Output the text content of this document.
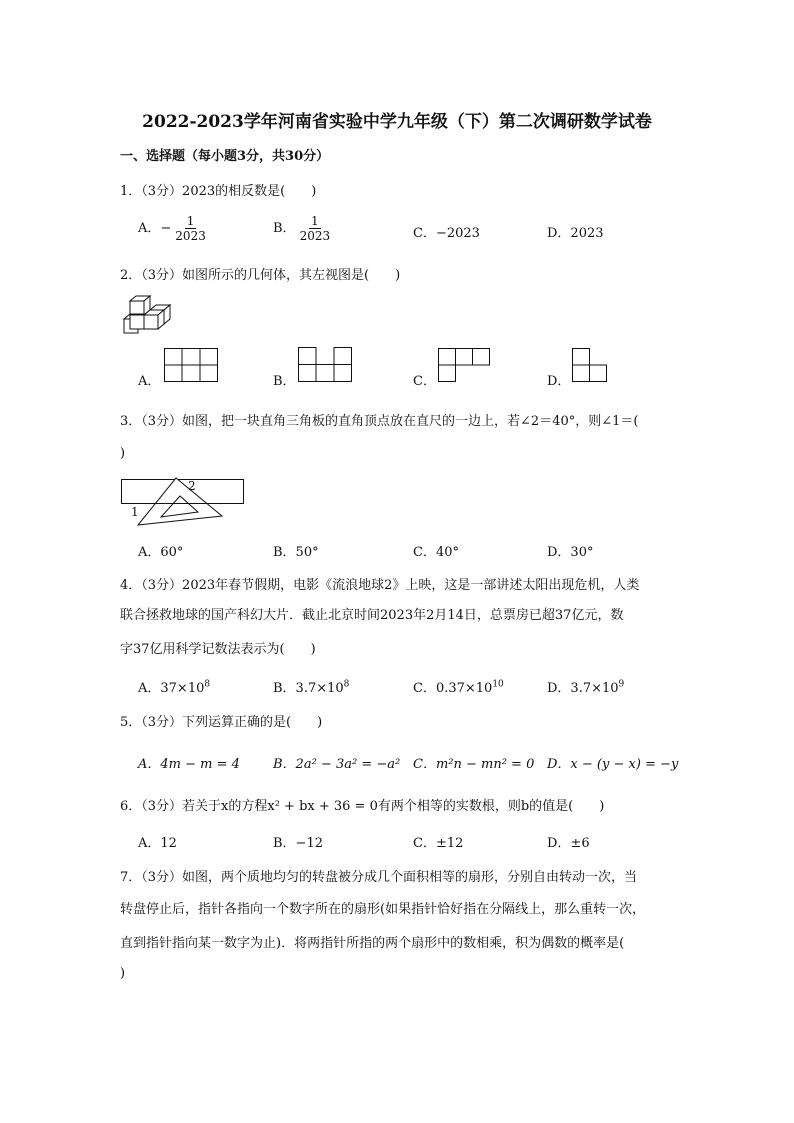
2022-2023学年河南省实验中学九年级（下）第二次调研数学试卷
一、选择题（每小题3分，共30分）
1．（3分）2023的相反数是(　　)
A．− $\frac{1}{2023}$	B． $\frac{1}{2023}$	C．−2023	D．2023
2．（3分）如图所示的几何体，其左视图是(　　)
A．	B．	C．	D．
3．（3分）如图，把一块直角三角板的直角顶点放在直尺的一边上，若∠2＝40°，则∠1＝(
)
2
1
A．60°	B．50°	C．40°	D．30°
4．（3分）2023年春节假期，电影《流浪地球2》上映，这是一部讲述太阳出现危机，人类
联合拯救地球的国产科幻大片．截止北京时间2023年2月14日，总票房已超37亿元，数
字37亿用科学记数法表示为(　　)
A．$37\times 10^8$	B．$3.7\times 10^8$	C．$0.37\times 10^{10}$	D．$3.7\times 10^9$
5．（3分）下列运算正确的是(　　)
A．4m − m = 4	B．2a² − 3a² = −a² C．m²n − mn² = 0 D．x − (y − x) = −y
6．（3分）若关于x的方程x² + bx + 36 = 0有两个相等的实数根，则b的值是(　　)
A．12	B．−12	C．±12	D．±6
7．（3分）如图，两个质地均匀的转盘被分成几个面积相等的扇形，分别自由转动一次，当
转盘停止后，指针各指向一个数字所在的扇形(如果指针恰好指在分隔线上，那么重转一次，
直到指针指向某一数字为止)．将两指针所指的两个扇形中的数相乘，积为偶数的概率是(
)
